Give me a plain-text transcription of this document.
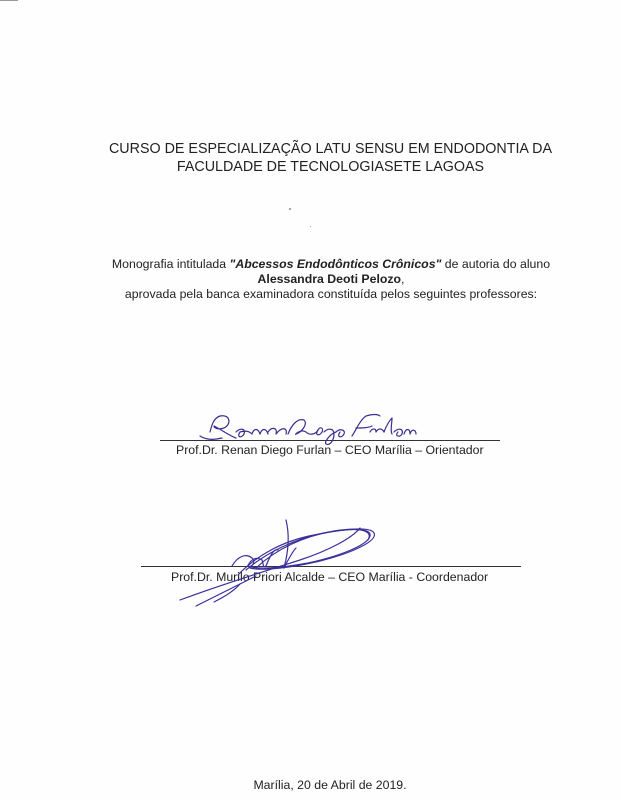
CURSO DE ESPECIALIZAÇÃO LATU SENSU EM ENDODONTIA DA
FACULDADE DE TECNOLOGIASETE LAGOAS
Monografia intitulada "Abcessos Endodônticos Crônicos" de autoria do aluno
Alessandra Deoti Pelozo,
aprovada pela banca examinadora constituída pelos seguintes professores:
Prof.Dr. Renan Diego Furlan – CEO Marília – Orientador
Prof.Dr. Murilo Priori Alcalde – CEO Marília - Coordenador
Marília, 20 de Abril de 2019.
